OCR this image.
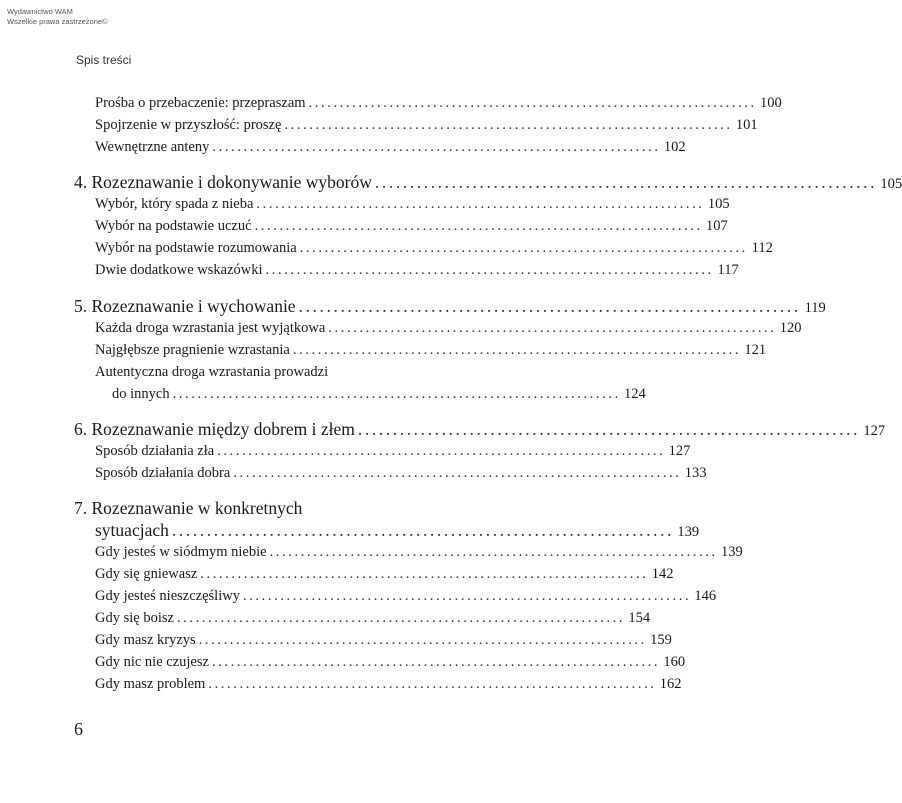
Wydawnictwo WAM
Wszelkie prawa zastrzeżone©
Spis treści
Prośba o przebaczenie: przepraszam ........................................................................ 100
Spojrzenie w przyszłość: proszę ........................................................................ 101
Wewnętrzne anteny ........................................................................ 102
4. Rozeznawanie i dokonywanie wyborów ........................................................................ 105
Wybór, który spada z nieba ........................................................................ 105
Wybór na podstawie uczuć ........................................................................ 107
Wybór na podstawie rozumowania ........................................................................ 112
Dwie dodatkowe wskazówki ........................................................................ 117
5. Rozeznawanie i wychowanie ........................................................................ 119
Każda droga wzrastania jest wyjątkowa ........................................................................ 120
Najgłębsze pragnienie wzrastania ........................................................................ 121
Autentyczna droga wzrastania prowadzi
do innych ........................................................................ 124
6. Rozeznawanie między dobrem i złem ........................................................................ 127
Sposób działania zła ........................................................................ 127
Sposób działania dobra ........................................................................ 133
7. Rozeznawanie w konkretnych
sytuacjach ........................................................................ 139
Gdy jesteś w siódmym niebie ........................................................................ 139
Gdy się gniewasz ........................................................................ 142
Gdy jesteś nieszczęśliwy ........................................................................ 146
Gdy się boisz ........................................................................ 154
Gdy masz kryzys ........................................................................ 159
Gdy nic nie czujesz ........................................................................ 160
Gdy masz problem ........................................................................ 162
6
